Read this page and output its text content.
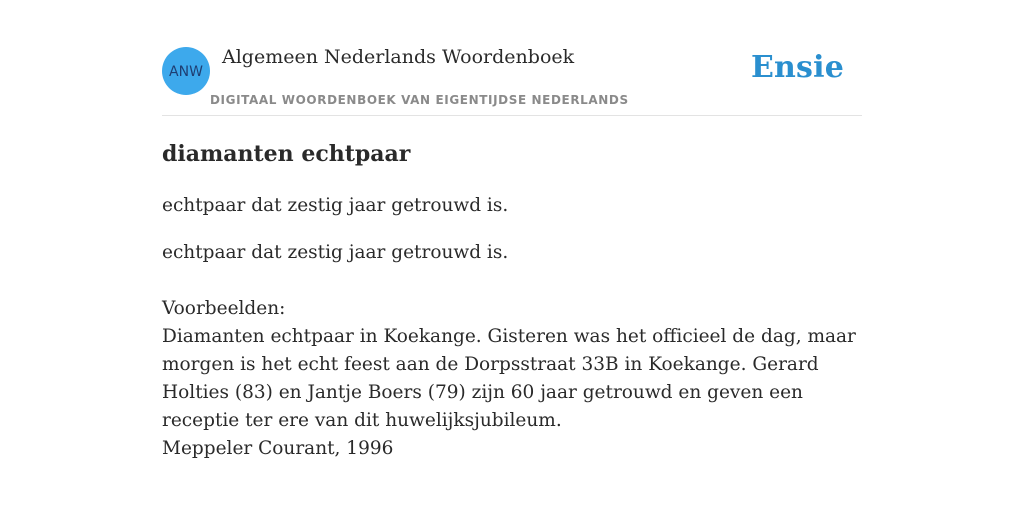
ANW
Algemeen Nederlands Woordenboek
DIGITAAL WOORDENBOEK VAN EIGENTIJDSE NEDERLANDS
Ensie
diamanten echtpaar

echtpaar dat zestig jaar getrouwd is.

echtpaar dat zestig jaar getrouwd is.

Voorbeelden:
Diamanten echtpaar in Koekange. Gisteren was het officieel de dag, maar morgen is het echt feest aan de Dorpsstraat 33B in Koekange. Gerard Holties (83) en Jantje Boers (79) zijn 60 jaar getrouwd en geven een receptie ter ere van dit huwelijksjubileum.
Meppeler Courant, 1996
